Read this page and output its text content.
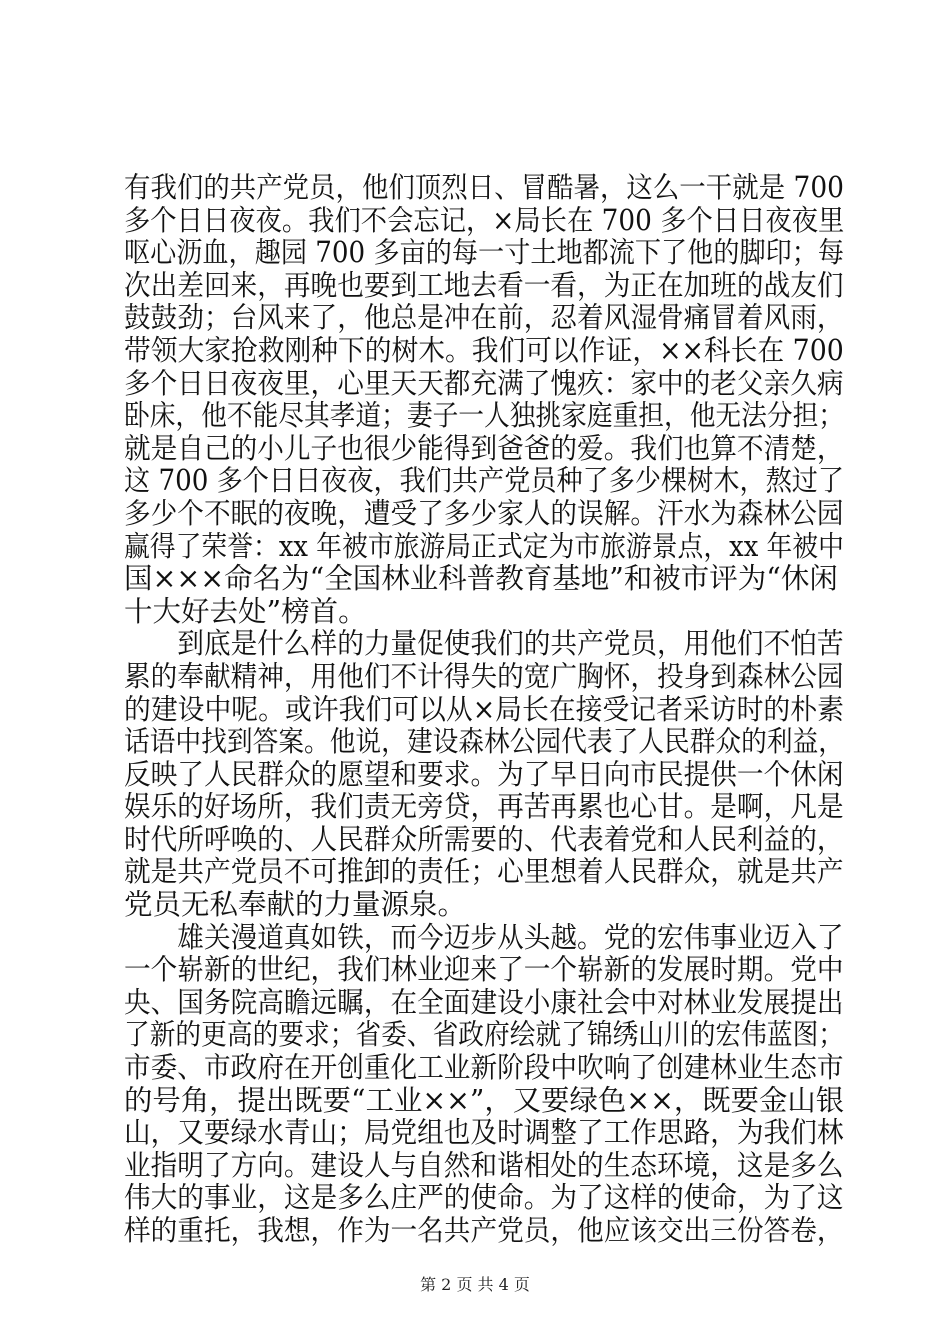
有我们的共产党员，他们顶烈日、冒酷暑，这么一干就是 700
多个日日夜夜。我们不会忘记，×局长在 700 多个日日夜夜里
呕心沥血，趣园 700 多亩的每一寸土地都流下了他的脚印；每
次出差回来，再晚也要到工地去看一看，为正在加班的战友们
鼓鼓劲；台风来了，他总是冲在前，忍着风湿骨痛冒着风雨，
带领大家抢救刚种下的树木。我们可以作证，××科长在 700
多个日日夜夜里，心里天天都充满了愧疚：家中的老父亲久病
卧床，他不能尽其孝道；妻子一人独挑家庭重担，他无法分担；
就是自己的小儿子也很少能得到爸爸的爱。我们也算不清楚，
这 700 多个日日夜夜，我们共产党员种了多少棵树木，熬过了
多少个不眠的夜晚，遭受了多少家人的误解。汗水为森林公园
赢得了荣誉：xx 年被市旅游局正式定为市旅游景点，xx 年被中
国×××命名为“全国林业科普教育基地”和被市评为“休闲
十大好去处”榜首。
　　到底是什么样的力量促使我们的共产党员，用他们不怕苦
累的奉献精神，用他们不计得失的宽广胸怀，投身到森林公园
的建设中呢。或许我们可以从×局长在接受记者采访时的朴素
话语中找到答案。他说，建设森林公园代表了人民群众的利益，
反映了人民群众的愿望和要求。为了早日向市民提供一个休闲
娱乐的好场所，我们责无旁贷，再苦再累也心甘。是啊，凡是
时代所呼唤的、人民群众所需要的、代表着党和人民利益的，
就是共产党员不可推卸的责任；心里想着人民群众，就是共产
党员无私奉献的力量源泉。
　　雄关漫道真如铁，而今迈步从头越。党的宏伟事业迈入了
一个崭新的世纪，我们林业迎来了一个崭新的发展时期。党中
央、国务院高瞻远瞩，在全面建设小康社会中对林业发展提出
了新的更高的要求；省委、省政府绘就了锦绣山川的宏伟蓝图；
市委、市政府在开创重化工业新阶段中吹响了创建林业生态市
的号角，提出既要“工业××”，又要绿色××，既要金山银
山，又要绿水青山；局党组也及时调整了工作思路，为我们林
业指明了方向。建设人与自然和谐相处的生态环境，这是多么
伟大的事业，这是多么庄严的使命。为了这样的使命，为了这
样的重托，我想，作为一名共产党员，他应该交出三份答卷，
第 2 页 共 4 页
